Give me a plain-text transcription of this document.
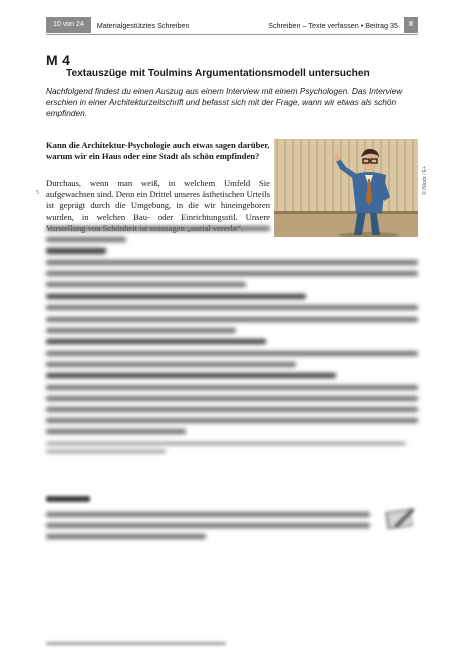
10 von 24	Materialgestütztes Schreiben	Schreiben – Texte verfassen • Beitrag 35	II
M 4
Textauszüge mit Toulmins Argumentationsmodell untersuchen
Nachfolgend findest du einen Auszug aus einem Interview mit einem Psychologen. Das Interview erschien in einer Architekturzeitschrift und befasst sich mit der Frage, wann wir etwas als schön empfinden.
Kann die Architektur-Psychologie auch etwas sagen darüber, warum wir ein Haus oder eine Stadt als schön empfinden?
5
Durchaus, wenn man weiß, in welchem Umfeld Sie aufgewachsen sind. Denn ein Drittel unseres ästhetischen Urteils ist geprägt durch die Umgebung, in die wir hineingeboren wurden, in welchen Bau- oder Einrichtungsstil. Unsere
© iStock / E+
